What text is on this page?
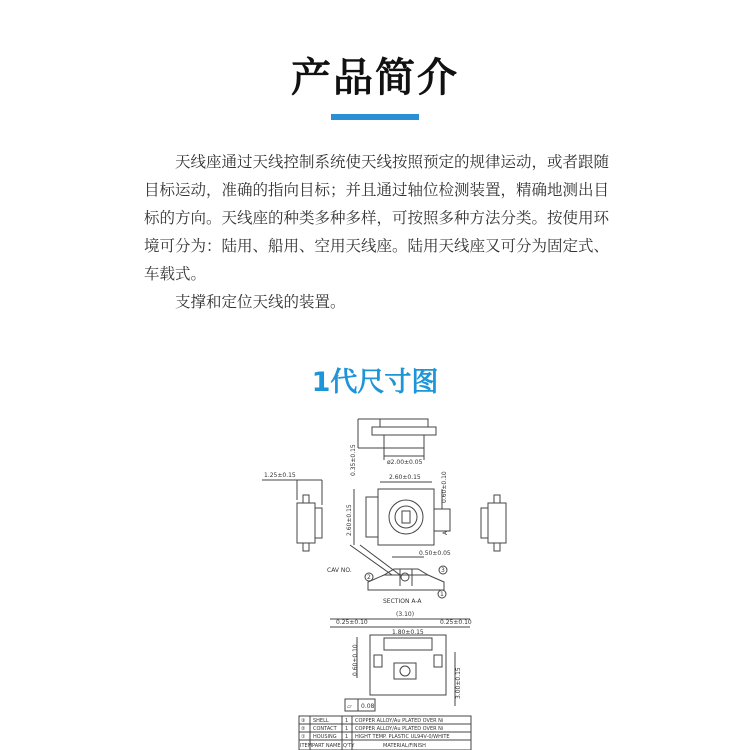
产品简介

天线座通过天线控制系统使天线按照预定的规律运动，或者跟随目标运动，准确的指向目标；并且通过轴位检测装置，精确地测出目标的方向。天线座的种类多种多样，可按照多种方法分类。按使用环境可分为：陆用、船用、空用天线座。陆用天线座又可分为固定式、车载式。

支撑和定位天线的装置。

1代尺寸图
0.35±0.15	ø2.00±0.05
1.25±0.15	2.60±0.15
2.60±0.15
0.60±0.10
A
0.50±0.05
CAV NO.
1
2
3
SECTION A-A
(3.10)
0.25±0.10	0.25±0.10
1.80±0.15
0.60±0.10
3.00±0.15
0.08
▱
③ SHELL	1 COPPER ALLOY/Au PLATED OVER Ni
② CONTACT 1 COPPER ALLOY/Au PLATED OVER Ni
① HOUSING 1 HIGHT TEMP. PLASTIC UL94V-0/WHITE
ITEM PART NAME Q'TY	MATERIAL/FINISH
